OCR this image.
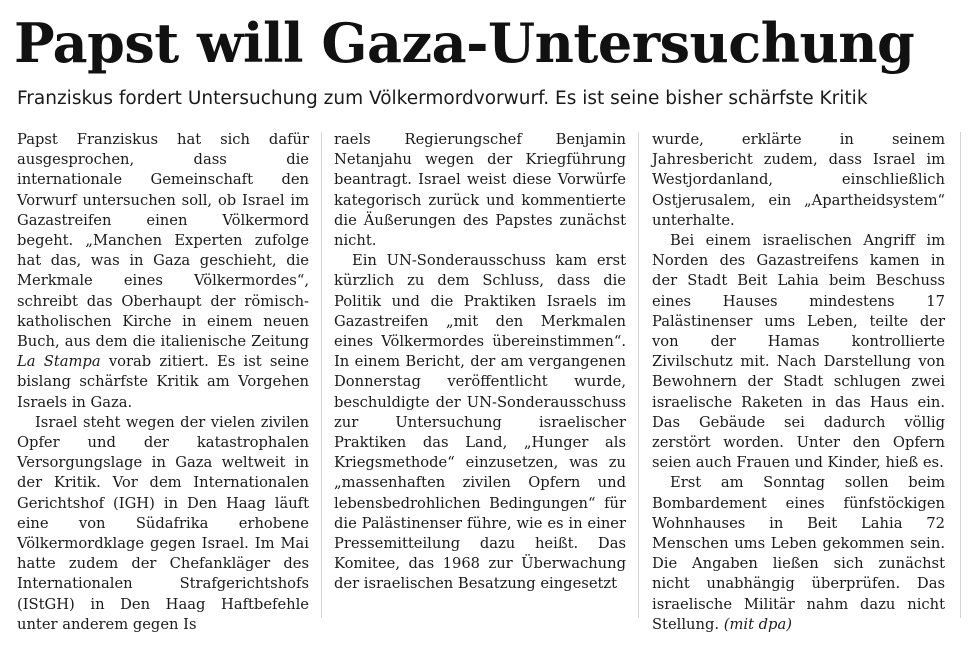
Papst will Gaza-Untersuchung
Franziskus fordert Untersuchung zum Völkermordvorwurf. Es ist seine bisher schärfste Kritik

Papst Franziskus hat sich dafür ausgesprochen, dass die internationale Gemeinschaft den Vorwurf untersuchen soll, ob Israel im Gazastreifen einen Völkermord begeht. „Manchen Experten zufolge hat das, was in Gaza geschieht, die Merkmale eines Völkermordes“, schreibt das Oberhaupt der römisch-katholischen Kirche in einem neuen Buch, aus dem die italienische Zeitung La Stampa vorab zitiert. Es ist seine bislang schärfste Kritik am Vorgehen Israels in Gaza.

Israel steht wegen der vielen zivilen Opfer und der katastrophalen Versorgungslage in Gaza weltweit in der Kritik. Vor dem Internationalen Gerichtshof (IGH) in Den Haag läuft eine von Südafrika erhobene Völkermordklage gegen Israel. Im Mai hatte zudem der Chefankläger des Internationalen Strafgerichtshofs (IStGH) in Den Haag Haftbefehle unter anderem gegen Is

raels Regierungschef Benjamin Netanjahu wegen der Kriegführung beantragt. Israel weist diese Vorwürfe kategorisch zurück und kommentierte die Äußerungen des Papstes zunächst nicht.

Ein UN-Sonderausschuss kam erst kürzlich zu dem Schluss, dass die Politik und die Praktiken Israels im Gazastreifen „mit den Merkmalen eines Völkermordes übereinstimmen“. In einem Bericht, der am vergangenen Donnerstag veröffentlicht wurde, beschuldigte der UN-Sonderausschuss zur Untersuchung israelischer Praktiken das Land, „Hunger als Kriegsmethode“ einzusetzen, was zu „massenhaften zivilen Opfern und lebensbedrohlichen Bedingungen“ für die Palästinenser führe, wie es in einer Pressemitteilung dazu heißt. Das Komitee, das 1968 zur Überwachung der israelischen Besatzung eingesetzt

wurde, erklärte in seinem Jahresbericht zudem, dass Israel im Westjordanland, einschließlich Ostjerusalem, ein „Apartheidsystem“ unterhalte.

Bei einem israelischen Angriff im Norden des Gazastreifens kamen in der Stadt Beit Lahia beim Beschuss eines Hauses mindestens 17 Palästinenser ums Leben, teilte der von der Hamas kontrollierte Zivilschutz mit. Nach Darstellung von Bewohnern der Stadt schlugen zwei israelische Raketen in das Haus ein. Das Gebäude sei dadurch völlig zerstört worden. Unter den Opfern seien auch Frauen und Kinder, hieß es.

Erst am Sonntag sollen beim Bombardement eines fünfstöckigen Wohnhauses in Beit Lahia 72 Menschen ums Leben gekommen sein. Die Angaben ließen sich zunächst nicht unabhängig überprüfen. Das israelische Militär nahm dazu nicht Stellung. (mit dpa)
